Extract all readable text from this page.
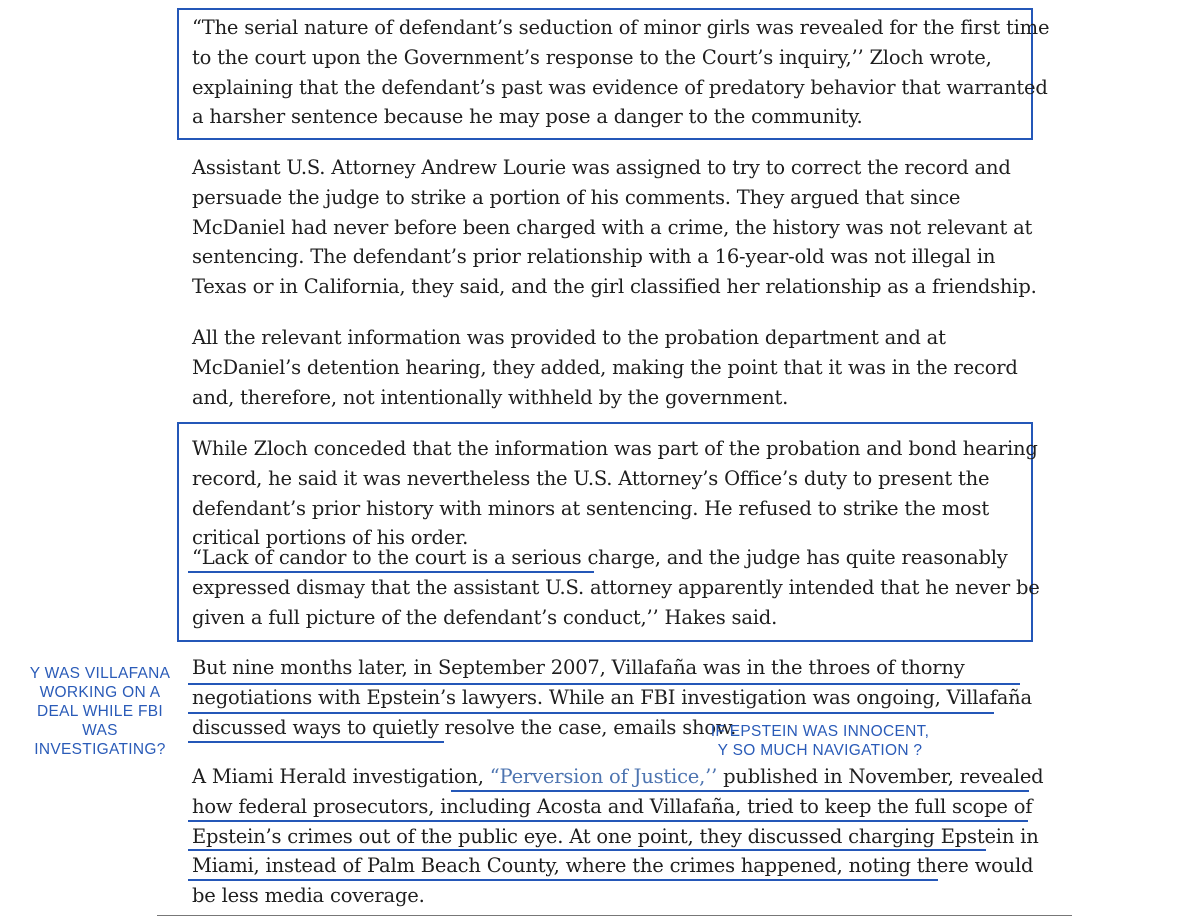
“The serial nature of defendant’s seduction of minor girls was revealed for the first time to the court upon the Government’s response to the Court’s inquiry,’’ Zloch wrote, explaining that the defendant’s past was evidence of predatory behavior that warranted a harsher sentence because he may pose a danger to the community.

Assistant U.S. Attorney Andrew Lourie was assigned to try to correct the record and persuade the judge to strike a portion of his comments. They argued that since McDaniel had never before been charged with a crime, the history was not relevant at sentencing. The defendant’s prior relationship with a 16-year-old was not illegal in Texas or in California, they said, and the girl classified her relationship as a friendship.

All the relevant information was provided to the probation department and at McDaniel’s detention hearing, they added, making the point that it was in the record and, therefore, not intentionally withheld by the government.

While Zloch conceded that the information was part of the probation and bond hearing record, he said it was nevertheless the U.S. Attorney’s Office’s duty to present the defendant’s prior history with minors at sentencing. He refused to strike the most critical portions of his order.

“Lack of candor to the court is a serious charge, and the judge has quite reasonably expressed dismay that the assistant U.S. attorney apparently intended that he never be given a full picture of the defendant’s conduct,’’ Hakes said.

But nine months later, in September 2007, Villafaña was in the throes of thorny negotiations with Epstein’s lawyers. While an FBI investigation was ongoing, Villafaña discussed ways to quietly resolve the case, emails show.

A Miami Herald investigation, “Perversion of Justice,’’ published in November, revealed how federal prosecutors, including Acosta and Villafaña, tried to keep the full scope of Epstein’s crimes out of the public eye. At one point, they discussed charging Epstein in Miami, instead of Palm Beach County, where the crimes happened, noting there would be less media coverage.

Y WAS VILLAFANA WORKING ON A DEAL WHILE FBI WAS INVESTIGATING?
IF EPSTEIN WAS INNOCENT,
Y SO MUCH NAVIGATION ?
